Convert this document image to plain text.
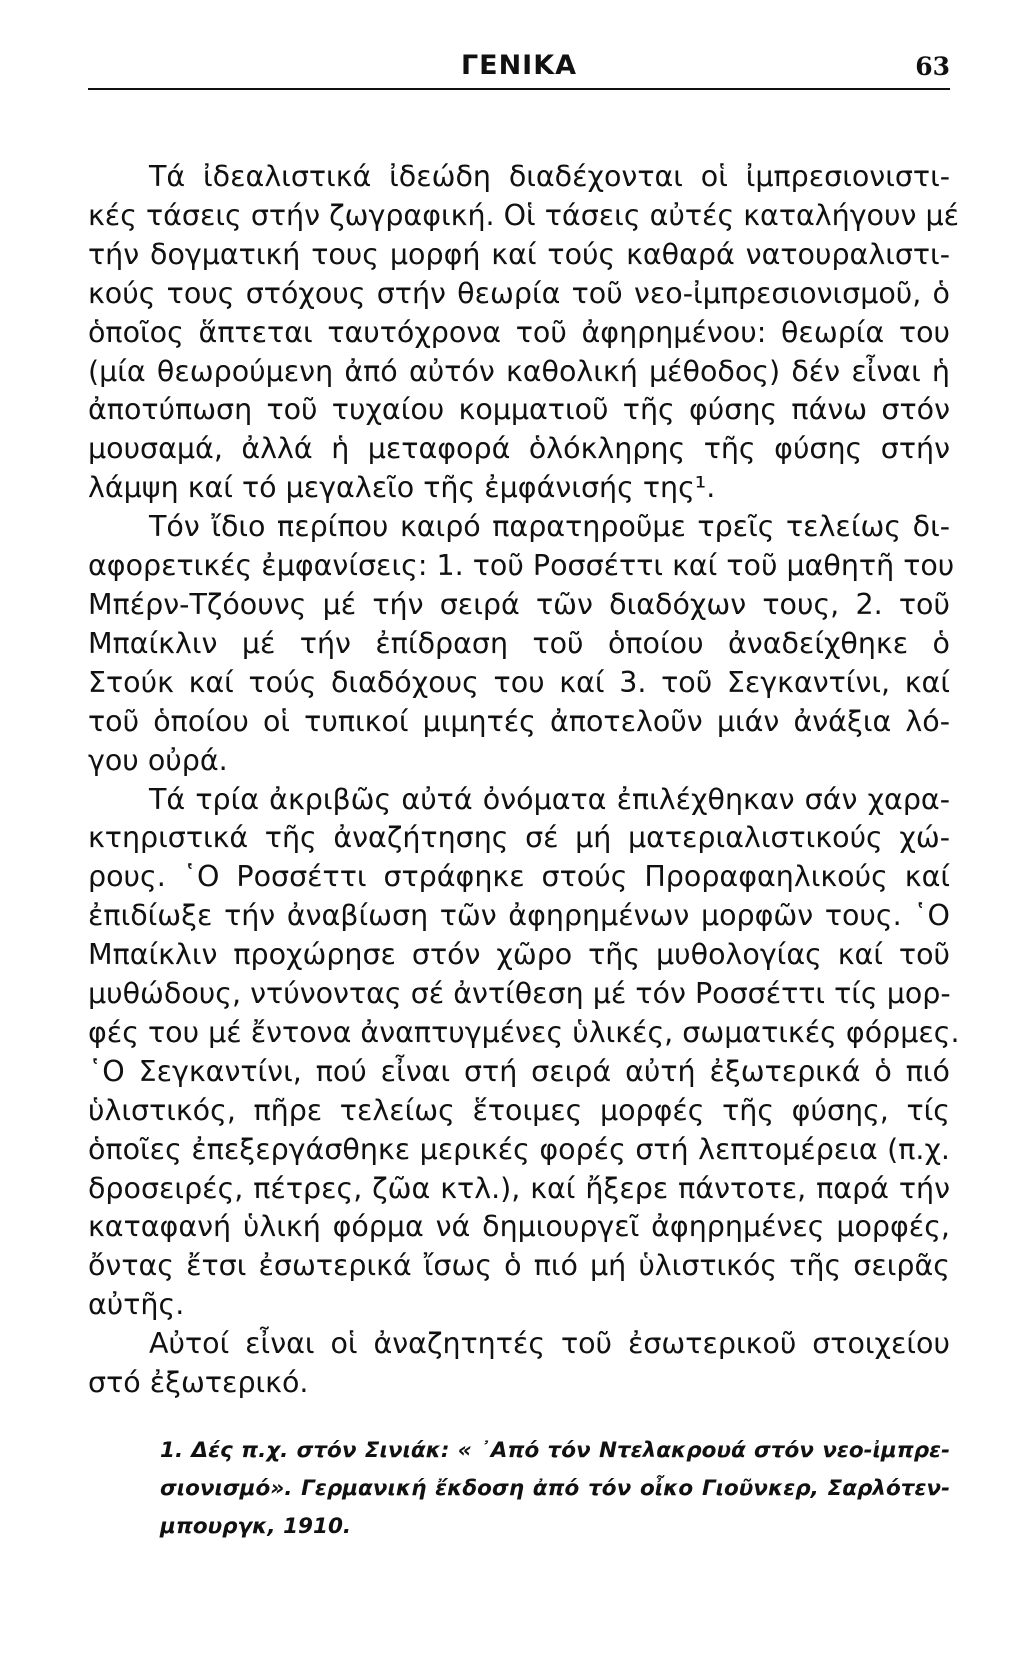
ΓΕΝΙΚΑ	63
Τά ἰδεαλιστικά ἰδεώδη διαδέχονται οἱ ἰμπρεσιονιστι-
κές τάσεις στήν ζωγραφική. Οἱ τάσεις αὐτές καταλήγουν μέ
τήν δογματική τους μορφή καί τούς καθαρά νατουραλιστι-
κούς τους στόχους στήν θεωρία τοῦ νεο-ἰμπρεσιονισμοῦ, ὁ
ὁποῖος ἅπτεται ταυτόχρονα τοῦ ἀφηρημένου: θεωρία του
(μία θεωρούμενη ἀπό αὐτόν καθολική μέθοδος) δέν εἶναι ἡ
ἀποτύπωση τοῦ τυχαίου κομματιοῦ τῆς φύσης πάνω στόν
μουσαμά, ἀλλά ἡ μεταφορά ὁλόκληρης τῆς φύσης στήν
λάμψη καί τό μεγαλεῖο τῆς ἐμφάνισής της¹.
Τόν ἴδιο περίπου καιρό παρατηροῦμε τρεῖς τελείως δι-
αφορετικές ἐμφανίσεις: 1. τοῦ Ροσσέττι καί τοῦ μαθητῆ του
Μπέρν-Τζόουνς μέ τήν σειρά τῶν διαδόχων τους, 2. τοῦ
Μπαίκλιν μέ τήν ἐπίδραση τοῦ ὁποίου ἀναδείχθηκε ὁ
Στούκ καί τούς διαδόχους του καί 3. τοῦ Σεγκαντίνι, καί
τοῦ ὁποίου οἱ τυπικοί μιμητές ἀποτελοῦν μιάν ἀνάξια λό-
γου οὐρά.
Τά τρία ἀκριβῶς αὐτά ὀνόματα ἐπιλέχθηκαν σάν χαρα-
κτηριστικά τῆς ἀναζήτησης σέ μή ματεριαλιστικούς χώ-
ρους. ῾Ο Ροσσέττι στράφηκε στούς Προραφαηλικούς καί
ἐπιδίωξε τήν ἀναβίωση τῶν ἀφηρημένων μορφῶν τους. ῾Ο
Μπαίκλιν προχώρησε στόν χῶρο τῆς μυθολογίας καί τοῦ
μυθώδους, ντύνοντας σέ ἀντίθεση μέ τόν Ροσσέττι τίς μορ-
φές του μέ ἔντονα ἀναπτυγμένες ὑλικές, σωματικές φόρμες.
῾Ο Σεγκαντίνι, πού εἶναι στή σειρά αὐτή ἐξωτερικά ὁ πιό
ὑλιστικός, πῆρε τελείως ἕτοιμες μορφές τῆς φύσης, τίς
ὁποῖες ἐπεξεργάσθηκε μερικές φορές στή λεπτομέρεια (π.χ.
δροσειρές, πέτρες, ζῶα κτλ.), καί ἤξερε πάντοτε, παρά τήν
καταφανή ὑλική φόρμα νά δημιουργεῖ ἀφηρημένες μορφές,
ὄντας ἔτσι ἐσωτερικά ἴσως ὁ πιό μή ὑλιστικός τῆς σειρᾶς
αὐτῆς.
Αὐτοί εἶναι οἱ ἀναζητητές τοῦ ἐσωτερικοῦ στοιχείου
στό ἐξωτερικό.
1. Δές π.χ. στόν Σινιάκ: « ᾿Από τόν Ντελακρουά στόν νεο-ἰμπρε-
σιονισμό». Γερμανική ἔκδοση ἀπό τόν οἶκο Γιοῦνκερ, Σαρλότεν-
μπουργκ, 1910.
